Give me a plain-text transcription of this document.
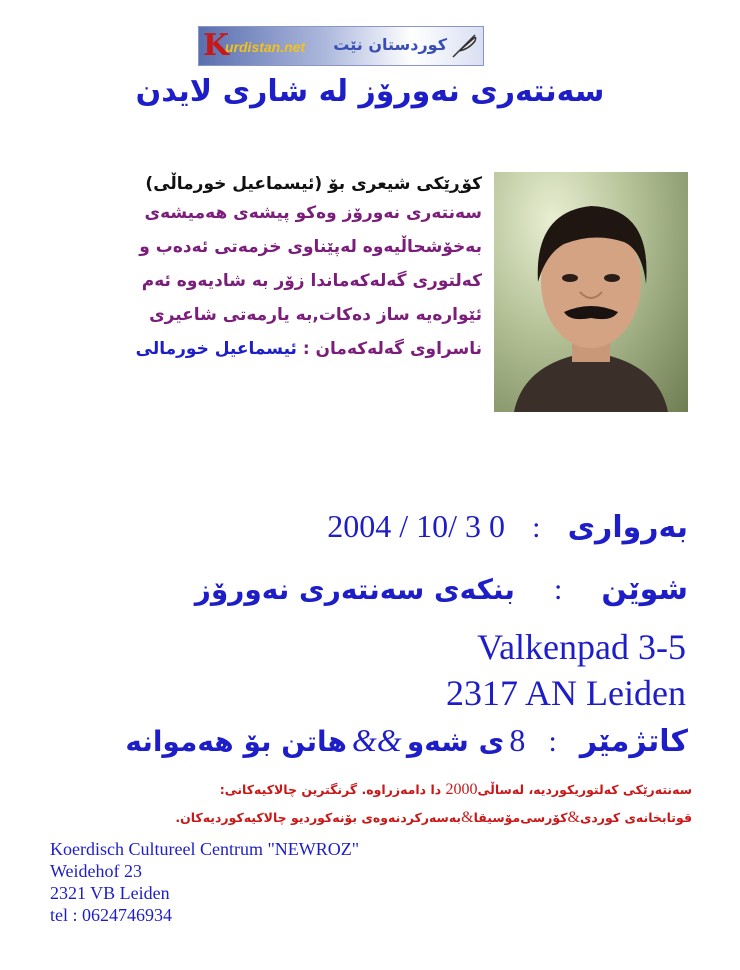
K
urdistan.net کوردستان نێت
سەنتەری نەورۆز لە شاری لایدن
کۆڕێکی شیعری بۆ (ئیسماعیل خورماڵی)
سەنتەری نەورۆز وەکو پیشەی هەمیشەی
بەخۆشحاڵیەوە لەپێناوی خزمەتی ئەدەب و
کەلتوری گەلەکەماندا زۆر بە شادیەوە ئەم
ئێوارەیە ساز دەکات,بە یارمەتی شاعیری
ناسراوی گەلەکەمان : ئیسماعیل خورمالی
بەرواری : 2004 / 10/ 3 0
شوێن : بنکەی سەنتەری نەورۆز
Valkenpad 3-5
2317 AN Leiden
کاتژمێر : 8 ی شەو && هاتن بۆ هەموانە
سەنتەرێکی کەلتوریکوردیە، لەساڵی2000 دا دامەزراوە. گرنگترین چالاکیەکانی:
قوتابخانەی کوردی&کۆرسی‌مۆسیقا&بەسەرکردنەوەی بۆنەکوردیو چالاکیەکوردیەکان.
Koerdisch Cultureel Centrum "NEWROZ"
Weidehof 23
2321 VB Leiden
tel : 0624746934
